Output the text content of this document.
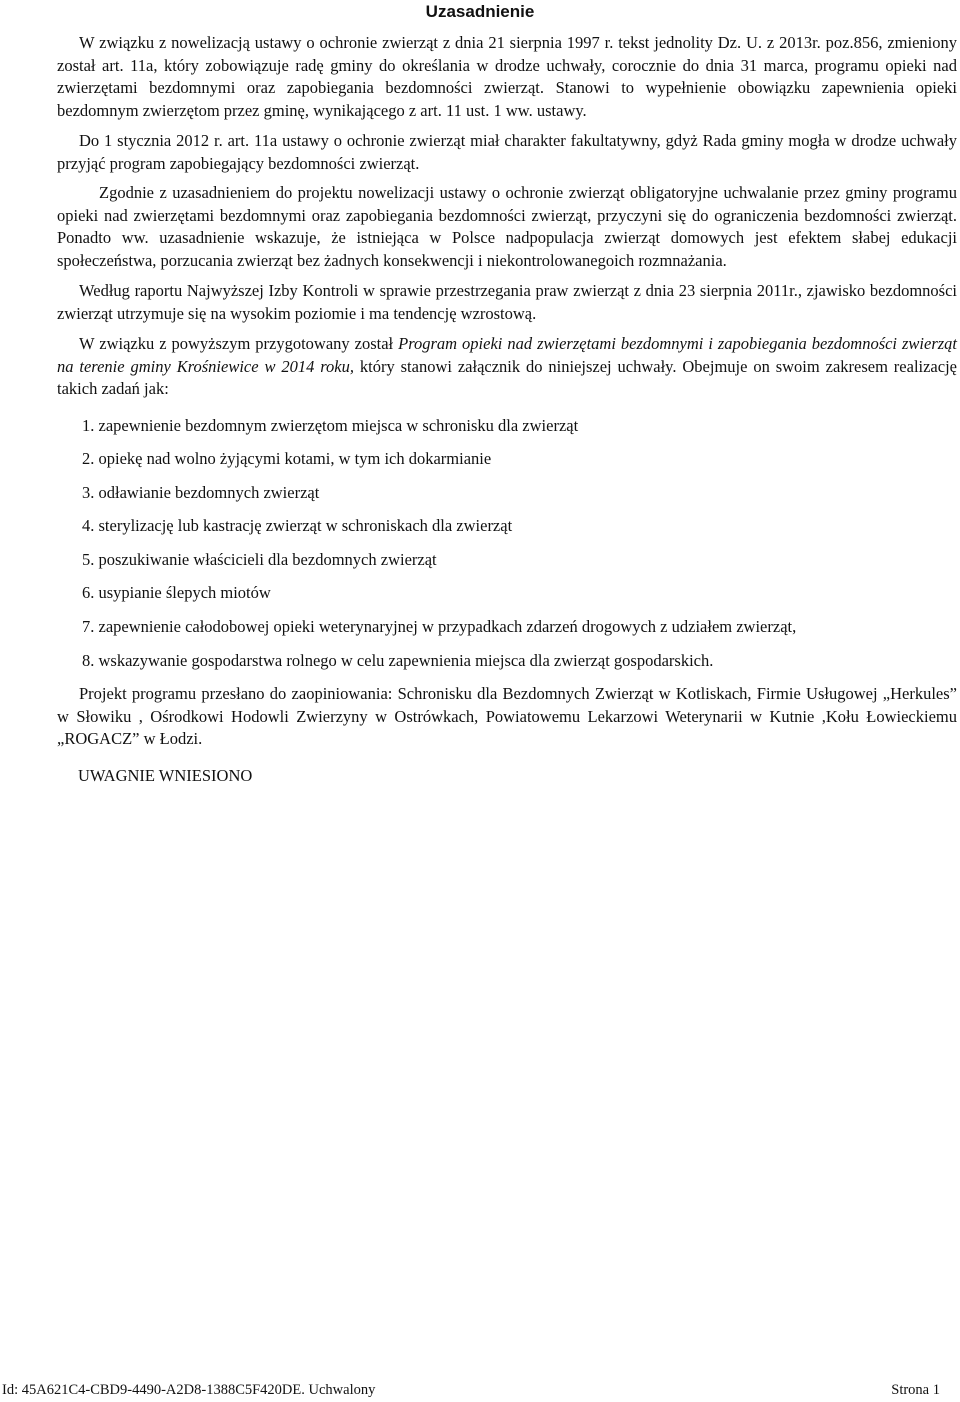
Uzasadnienie

W związku z nowelizacją ustawy o ochronie zwierząt z dnia 21 sierpnia 1997 r. tekst jednolity Dz. U. z 2013r. poz.856, zmieniony został art. 11a, który zobowiązuje radę gminy do określania w drodze uchwały, corocznie do dnia 31 marca, programu opieki nad zwierzętami bezdomnymi oraz zapobiegania bezdomności zwierząt. Stanowi to wypełnienie obowiązku zapewnienia opieki bezdomnym zwierzętom przez gminę, wynikającego z art. 11 ust. 1 ww. ustawy.

Do 1 stycznia 2012 r. art. 11a ustawy o ochronie zwierząt miał charakter fakultatywny, gdyż Rada gminy mogła w drodze uchwały przyjąć program zapobiegający bezdomności zwierząt.

Zgodnie z uzasadnieniem do projektu nowelizacji ustawy o ochronie zwierząt obligatoryjne uchwalanie przez gminy programu opieki nad zwierzętami bezdomnymi oraz zapobiegania bezdomności zwierząt, przyczyni się do ograniczenia bezdomności zwierząt. Ponadto ww. uzasadnienie wskazuje, że istniejąca w Polsce nadpopulacja zwierząt domowych jest efektem słabej edukacji społeczeństwa, porzucania zwierząt bez żadnych konsekwencji i niekontrolowanegoich rozmnażania.

Według raportu Najwyższej Izby Kontroli w sprawie przestrzegania praw zwierząt z dnia 23 sierpnia 2011r., zjawisko bezdomności zwierząt utrzymuje się na wysokim poziomie i ma tendencję wzrostową.

W związku z powyższym przygotowany został Program opieki nad zwierzętami bezdomnymi i zapobiegania bezdomności zwierząt na terenie gminy Krośniewice w 2014 roku, który stanowi załącznik do niniejszej uchwały. Obejmuje on swoim zakresem realizację takich zadań jak:

1. zapewnienie bezdomnym zwierzętom miejsca w schronisku dla zwierząt
2. opiekę nad wolno żyjącymi kotami, w tym ich dokarmianie
3. odławianie bezdomnych zwierząt
4. sterylizację lub kastrację zwierząt w schroniskach dla zwierząt
5. poszukiwanie właścicieli dla bezdomnych zwierząt
6. usypianie ślepych miotów
7. zapewnienie całodobowej opieki weterynaryjnej w przypadkach zdarzeń drogowych z udziałem zwierząt,
8. wskazywanie gospodarstwa rolnego w celu zapewnienia miejsca dla zwierząt gospodarskich.

Projekt programu przesłano do zaopiniowania: Schronisku dla Bezdomnych Zwierząt w Kotliskach, Firmie Usługowej „Herkules” w Słowiku , Ośrodkowi Hodowli Zwierzyny w Ostrówkach, Powiatowemu Lekarzowi Weterynarii w Kutnie ,Kołu Łowieckiemu „ROGACZ” w Łodzi.

UWAGNIE WNIESIONO

Id: 45A621C4-CBD9-4490-A2D8-1388C5F420DE. Uchwalony	Strona 1
